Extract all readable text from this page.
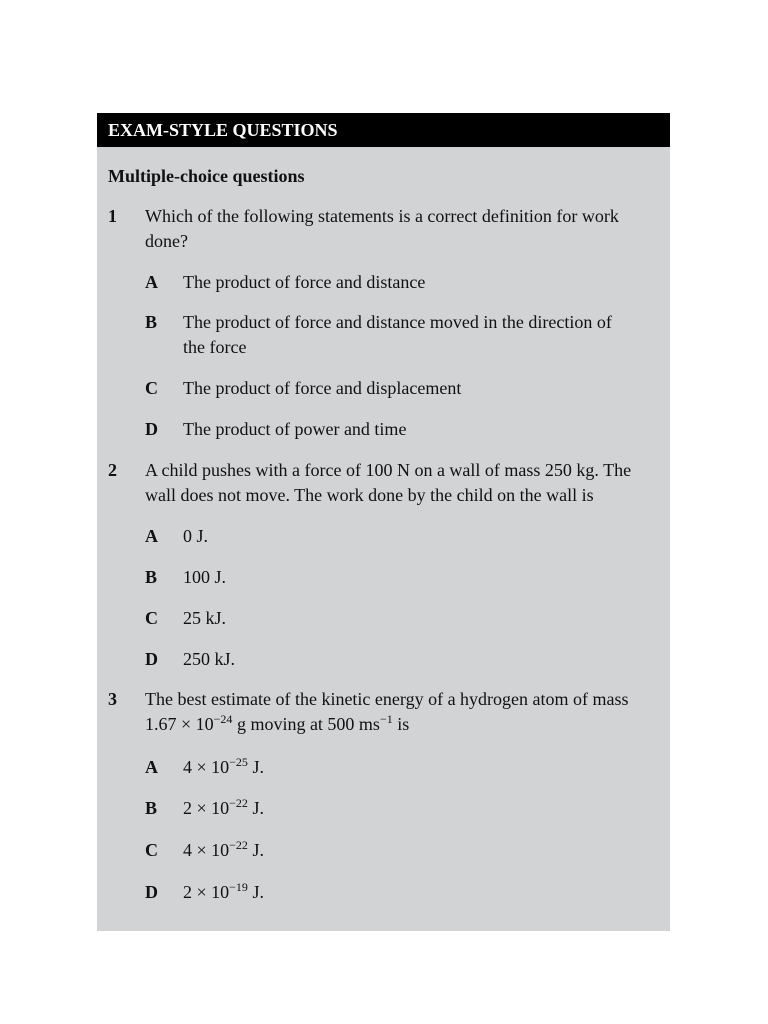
EXAM-STYLE QUESTIONS
Multiple-choice questions
1 Which of the following statements is a correct definition for work done?
A The product of force and distance
B The product of force and distance moved in the direction of the force
C The product of force and displacement
D The product of power and time
2 A child pushes with a force of 100 N on a wall of mass 250 kg. The wall does not move. The work done by the child on the wall is
A 0 J.
B 100 J.
C 25 kJ.
D 250 kJ.
3 The best estimate of the kinetic energy of a hydrogen atom of mass
$1.67 \times 10^{-24}$ g moving at 500 $ms^{-1}$ is
A $4 \times 10^{-25}$ J.
B $2 \times 10^{-22}$ J.
C $4 \times 10^{-22}$ J.
D $2 \times 10^{-19}$ J.
